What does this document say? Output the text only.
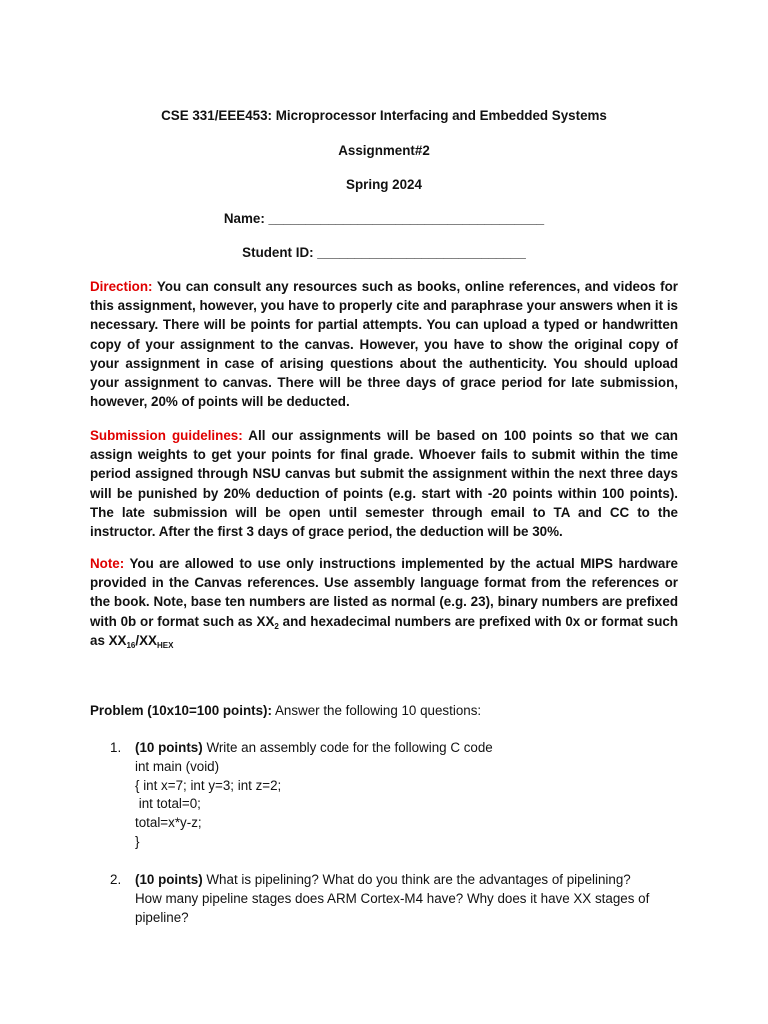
CSE 331/EEE453: Microprocessor Interfacing and Embedded Systems
Assignment#2
Spring 2024
Name: _____________________________________
Student ID: ____________________________

Direction: You can consult any resources such as books, online references, and videos for this assignment, however, you have to properly cite and paraphrase your answers when it is necessary. There will be points for partial attempts. You can upload a typed or handwritten copy of your assignment to the canvas. However, you have to show the original copy of your assignment in case of arising questions about the authenticity. You should upload your assignment to canvas. There will be three days of grace period for late submission, however, 20% of points will be deducted.

Submission guidelines: All our assignments will be based on 100 points so that we can assign weights to get your points for final grade. Whoever fails to submit within the time period assigned through NSU canvas but submit the assignment within the next three days will be punished by 20% deduction of points (e.g. start with -20 points within 100 points). The late submission will be open until semester through email to TA and CC to the instructor. After the first 3 days of grace period, the deduction will be 30%.

Note: You are allowed to use only instructions implemented by the actual MIPS hardware provided in the Canvas references. Use assembly language format from the references or the book. Note, base ten numbers are listed as normal (e.g. 23), binary numbers are prefixed with 0b or format such as $XX_2$ and hexadecimal numbers are prefixed with 0x or format such as $XX_{16}/XX_{HEX}$

Problem (10x10=100 points): Answer the following 10 questions:
1. (10 points) Write an assembly code for the following C code
int main (void)
{ int x=7; int y=3; int z=2;
int total=0;
total=x*y-z;
}
2. (10 points) What is pipelining? What do you think are the advantages of pipelining?
How many pipeline stages does ARM Cortex-M4 have? Why does it have XX stages of
pipeline?
